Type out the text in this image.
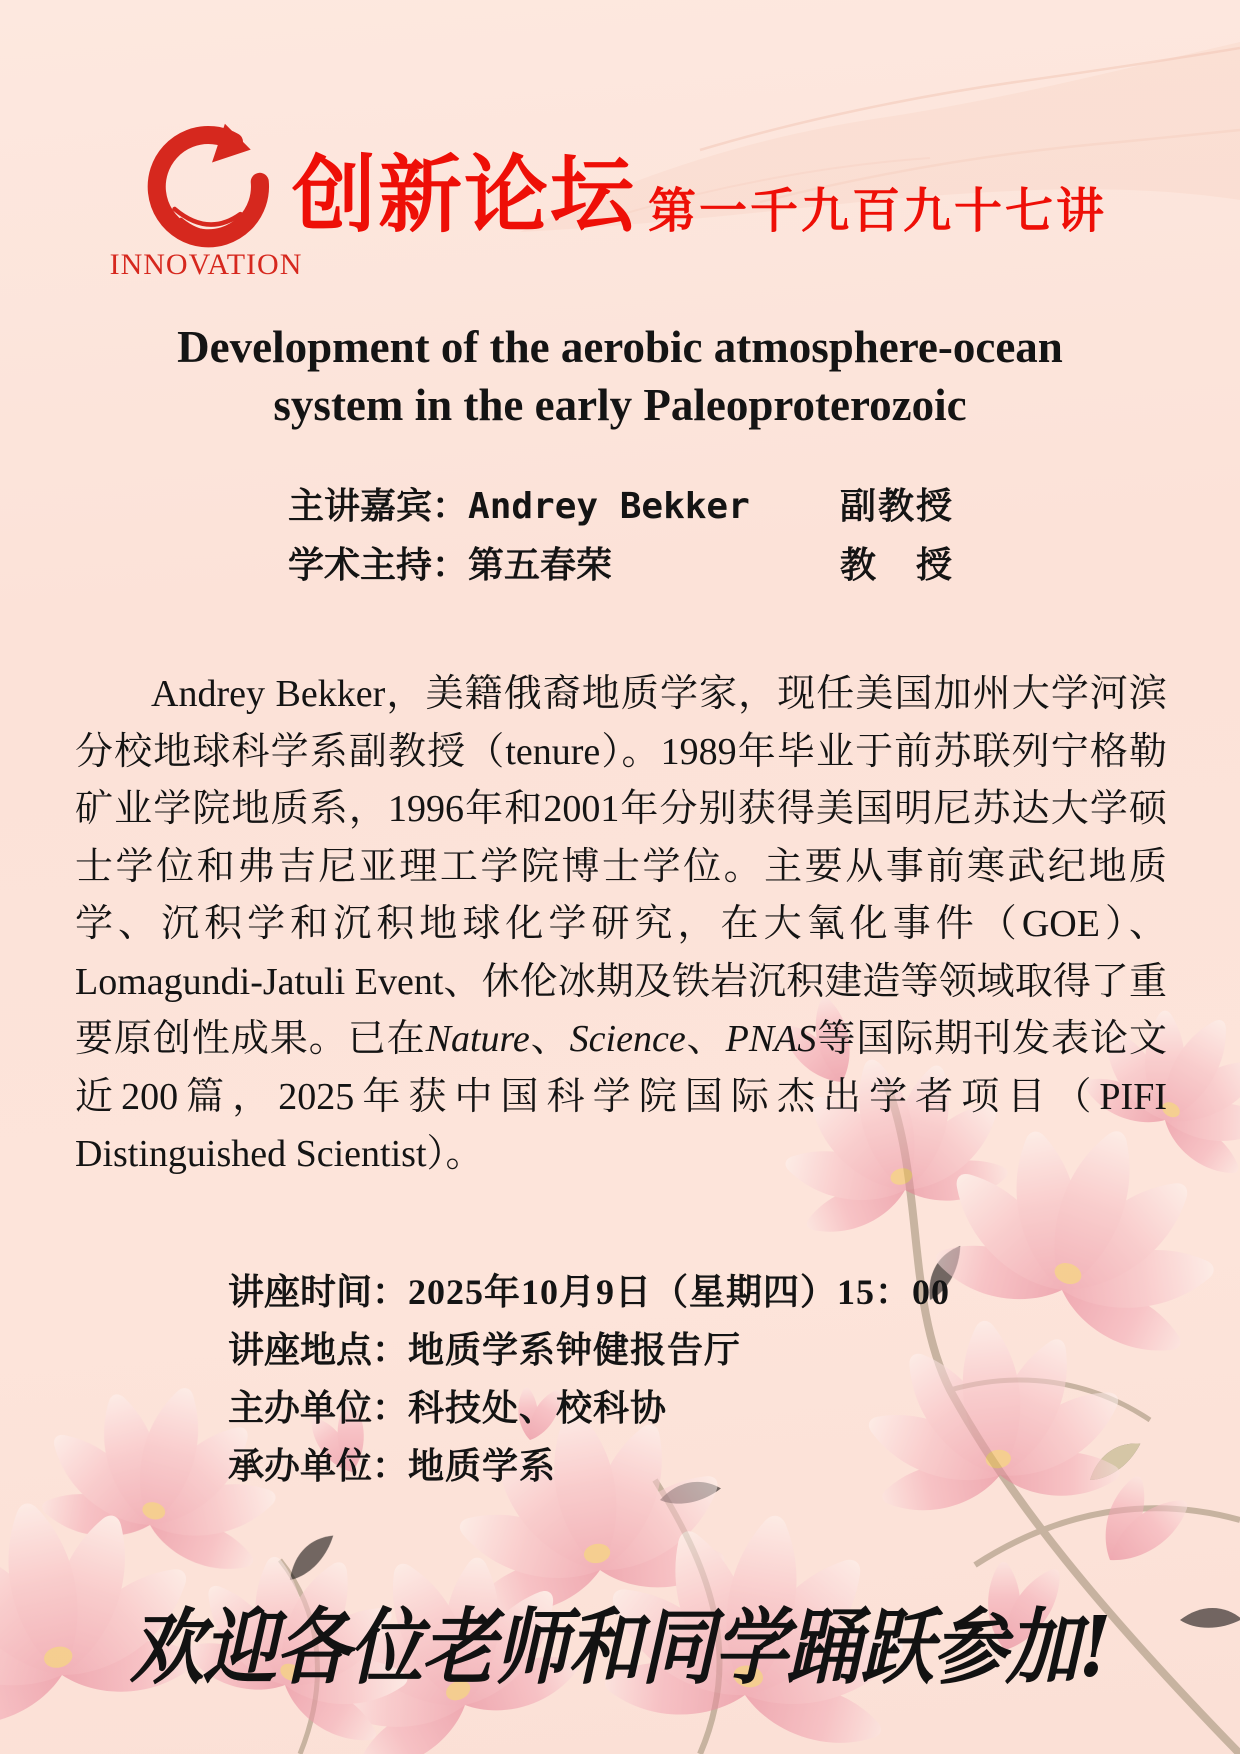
INNOVATION
创新论坛 第一千九百九十七讲
Development of the aerobic atmosphere-ocean
system in the early Paleoproterozoic
主讲嘉宾： Andrey Bekker	副教授
学术主持： 第五春荣	教　授

Andrey Bekker，美籍俄裔地质学家，现任美国加州大学河滨分校地球科学系副教授（tenure）。1989年毕业于前苏联列宁格勒矿业学院地质系，1996年和2001年分别获得美国明尼苏达大学硕士学位和弗吉尼亚理工学院博士学位。主要从事前寒武纪地质学、沉积学和沉积地球化学研究，在大氧化事件（GOE）、Lomagundi-Jatuli Event、休伦冰期及铁岩沉积建造等领域取得了重要原创性成果。已在Nature、Science、PNAS等国际期刊发表论文近200篇，2025年获中国科学院国际杰出学者项目（PIFI Distinguished Scientist）。

讲座时间： 2025年10月9日（星期四）15：00
讲座地点： 地质学系钟健报告厅
主办单位： 科技处、校科协
承办单位： 地质学系
欢迎各位老师和同学踊跃参加!
